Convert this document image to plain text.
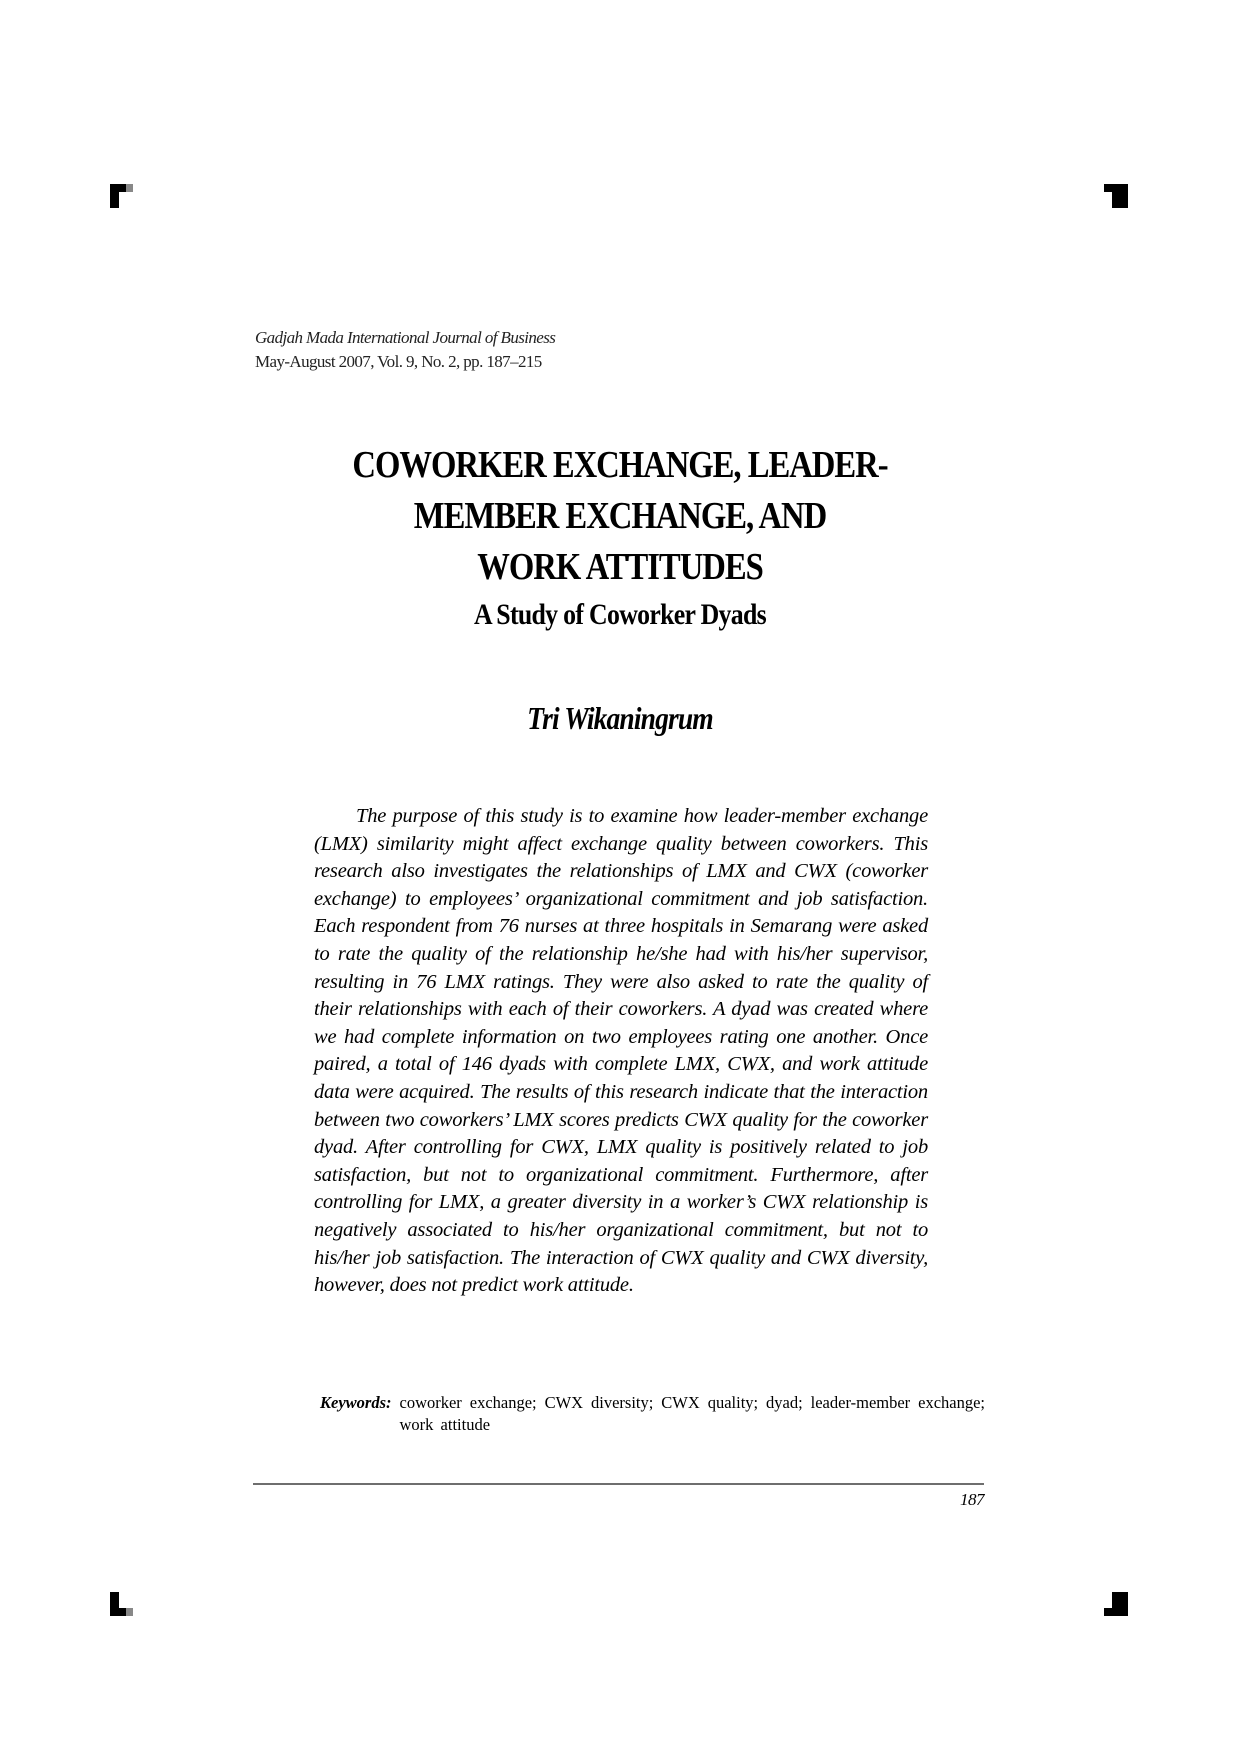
Gadjah Mada International Journal of Business
May-August 2007, Vol. 9, No. 2, pp. 187–215
COWORKER EXCHANGE, LEADER-
MEMBER EXCHANGE, AND
WORK ATTITUDES
A Study of Coworker Dyads
Tri Wikaningrum
The purpose of this study is to examine how leader-member exchange (LMX) similarity might affect exchange quality between coworkers. This research also investigates the relationships of LMX and CWX (coworker exchange) to employees’ organizational commitment and job satisfaction. Each respondent from 76 nurses at three hospitals in Semarang were asked to rate the quality of the relationship he/she had with his/her supervisor, resulting in 76 LMX ratings. They were also asked to rate the quality of their relationships with each of their coworkers. A dyad was created where we had complete information on two employees rating one another. Once paired, a total of 146 dyads with complete LMX, CWX, and work attitude data were acquired. The results of this research indicate that the interaction between two coworkers’ LMX scores predicts CWX quality for the coworker dyad. After controlling for CWX, LMX quality is positively related to job satisfaction, but not to organizational commitment. Furthermore, after controlling for LMX, a greater diversity in a worker’s CWX relationship is negatively associated to his/her organizational commitment, but not to his/her job satisfaction. The interaction of CWX quality and CWX diversity, however, does not predict work attitude.
Keywords: coworker exchange; CWX diversity; CWX quality; dyad; leader-member exchange; work attitude
187
